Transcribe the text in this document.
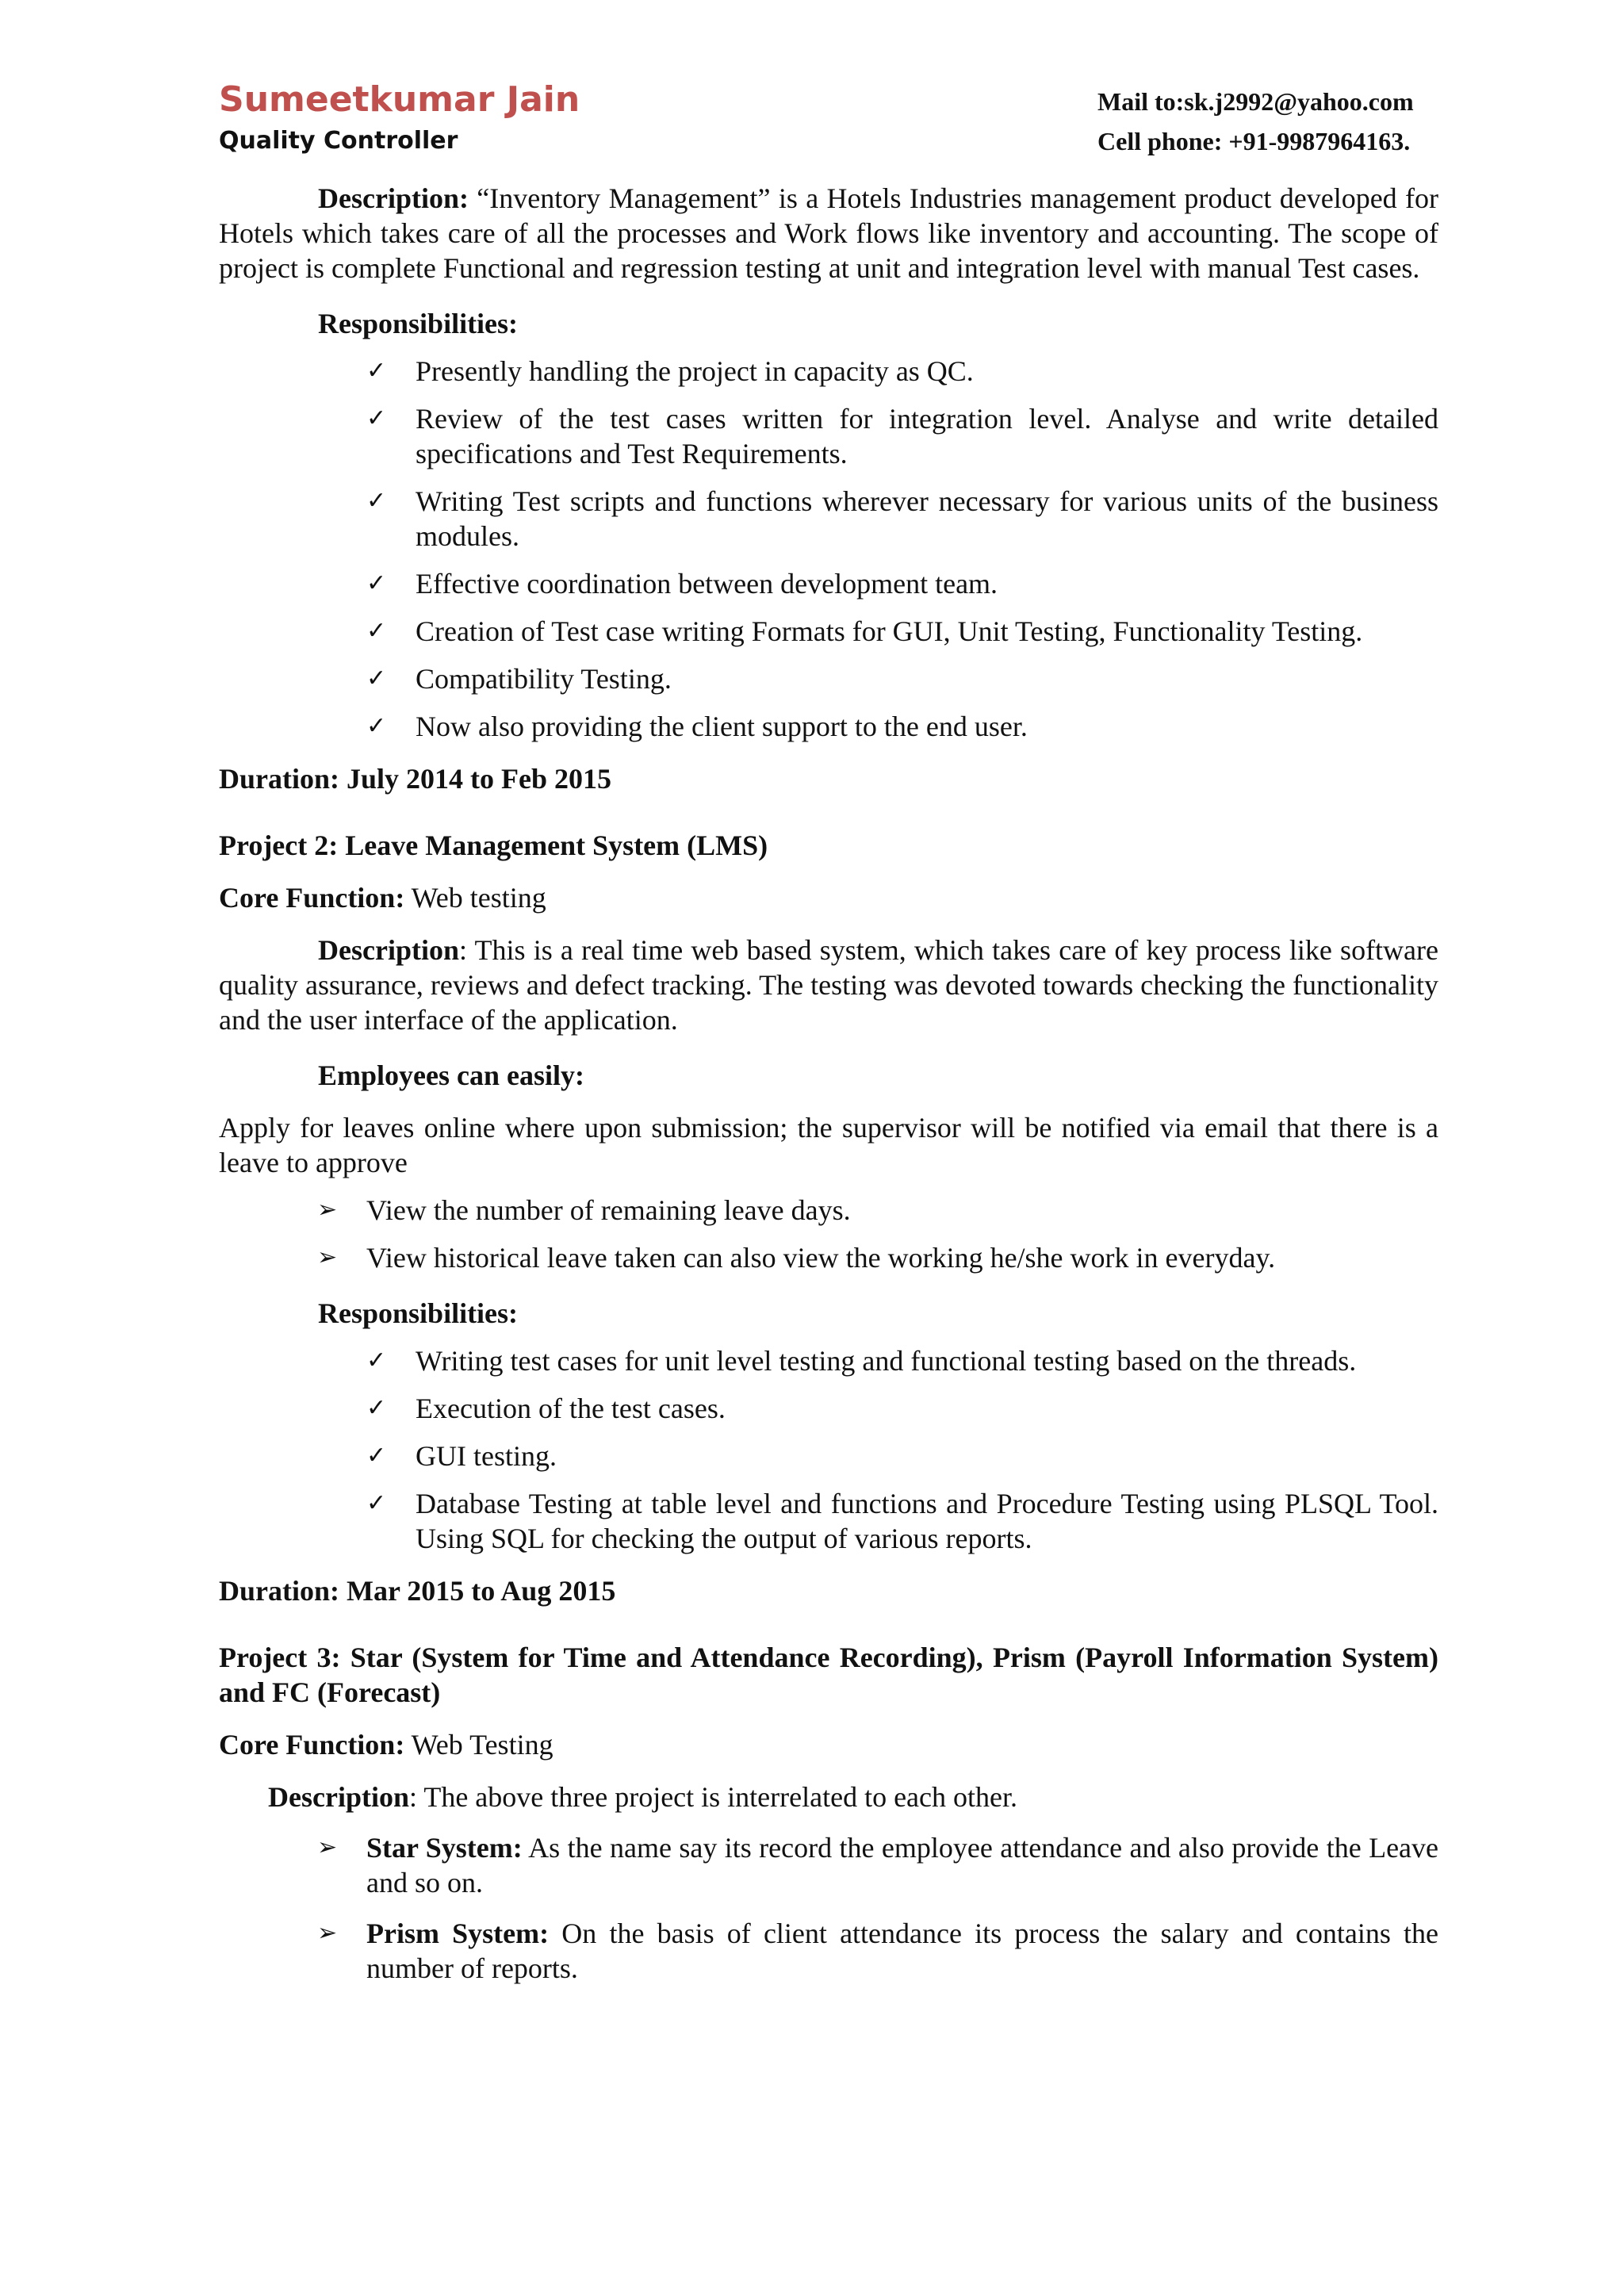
Sumeetkumar Jain
Quality Controller
Mail to:sk.j2992@yahoo.com
Cell phone: +91-9987964163.

Description: “Inventory Management” is a Hotels Industries management product developed for Hotels which takes care of all the processes and Work flows like inventory and accounting. The scope of project is complete Functional and regression testing at unit and integration level with manual Test cases.

Responsibilities:

✓	Presently handling the project in capacity as QC.
✓	Review of the test cases written for integration level. Analyse and write detailed specifications and Test Requirements.
✓	Writing Test scripts and functions wherever necessary for various units of the business modules.
✓	Effective coordination between development team.
✓	Creation of Test case writing Formats for GUI, Unit Testing, Functionality Testing.
✓	Compatibility Testing.
✓	Now also providing the client support to the end user.

Duration: July 2014 to Feb 2015

Project 2: Leave Management System (LMS)

Core Function: Web testing

Description: This is a real time web based system, which takes care of key process like software quality assurance, reviews and defect tracking. The testing was devoted towards checking the functionality and the user interface of the application.

Employees can easily:

Apply for leaves online where upon submission; the supervisor will be notified via email that there is a leave to approve

➢	View the number of remaining leave days.
➢	View historical leave taken can also view the working he/she work in everyday.

Responsibilities:

✓	Writing test cases for unit level testing and functional testing based on the threads.
✓	Execution of the test cases.
✓	GUI testing.
✓	Database Testing at table level and functions and Procedure Testing using PLSQL Tool. Using SQL for checking the output of various reports.

Duration: Mar 2015 to Aug 2015

Project 3: Star (System for Time and Attendance Recording), Prism (Payroll Information System) and FC (Forecast)

Core Function: Web Testing

Description: The above three project is interrelated to each other.

➢	Star System: As the name say its record the employee attendance and also provide the Leave and so on.
➢	Prism System: On the basis of client attendance its process the salary and contains the number of reports.
